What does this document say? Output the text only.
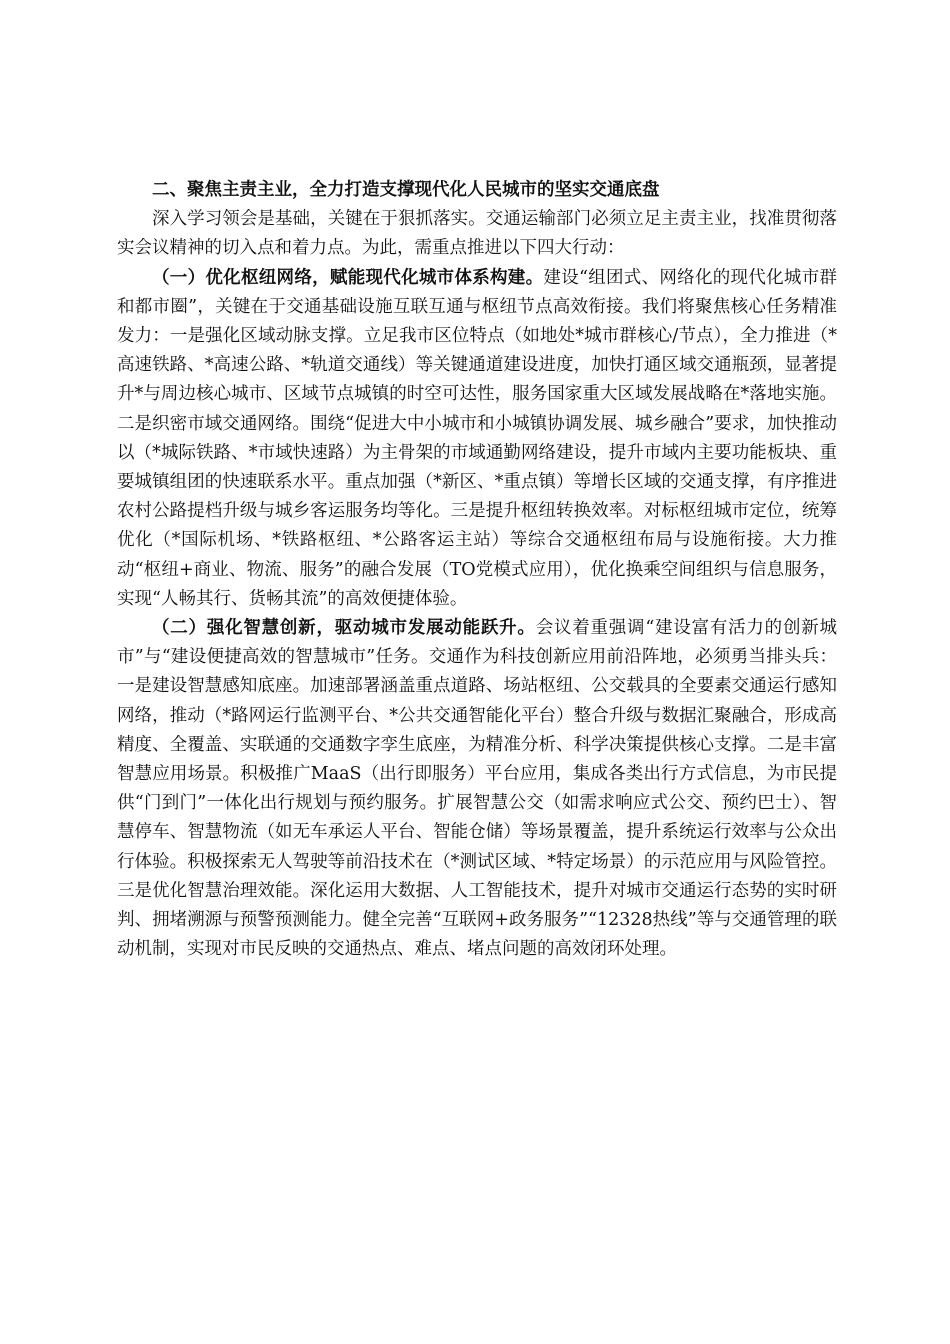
二、聚焦主责主业，全力打造支撑现代化人民城市的坚实交通底盘

深入学习领会是基础，关键在于狠抓落实。交通运输部门必须立足主责主业，找准贯彻落实会议精神的切入点和着力点。为此，需重点推进以下四大行动：

（一）优化枢纽网络，赋能现代化城市体系构建。建设“组团式、网络化的现代化城市群和都市圈”，关键在于交通基础设施互联互通与枢纽节点高效衔接。我们将聚焦核心任务精准发力：一是强化区域动脉支撑。立足我市区位特点（如地处*城市群核心/节点），全力推进（*高速铁路、*高速公路、*轨道交通线）等关键通道建设进度，加快打通区域交通瓶颈，显著提升*与周边核心城市、区域节点城镇的时空可达性，服务国家重大区域发展战略在*落地实施。二是织密市域交通网络。围绕“促进大中小城市和小城镇协调发展、城乡融合”要求，加快推动以（*城际铁路、*市域快速路）为主骨架的市域通勤网络建设，提升市域内主要功能板块、重要城镇组团的快速联系水平。重点加强（*新区、*重点镇）等增长区域的交通支撑，有序推进农村公路提档升级与城乡客运服务均等化。三是提升枢纽转换效率。对标枢纽城市定位，统筹优化（*国际机场、*铁路枢纽、*公路客运主站）等综合交通枢纽布局与设施衔接。大力推动“枢纽+商业、物流、服务”的融合发展（TO党模式应用），优化换乘空间组织与信息服务，实现“人畅其行、货畅其流”的高效便捷体验。

（二）强化智慧创新，驱动城市发展动能跃升。会议着重强调“建设富有活力的创新城市”与“建设便捷高效的智慧城市”任务。交通作为科技创新应用前沿阵地，必须勇当排头兵：一是建设智慧感知底座。加速部署涵盖重点道路、场站枢纽、公交载具的全要素交通运行感知网络，推动（*路网运行监测平台、*公共交通智能化平台）整合升级与数据汇聚融合，形成高精度、全覆盖、实联通的交通数字孪生底座，为精准分析、科学决策提供核心支撑。二是丰富智慧应用场景。积极推广MaaS（出行即服务）平台应用，集成各类出行方式信息，为市民提供“门到门”一体化出行规划与预约服务。扩展智慧公交（如需求响应式公交、预约巴士）、智慧停车、智慧物流（如无车承运人平台、智能仓储）等场景覆盖，提升系统运行效率与公众出行体验。积极探索无人驾驶等前沿技术在（*测试区域、*特定场景）的示范应用与风险管控。三是优化智慧治理效能。深化运用大数据、人工智能技术，提升对城市交通运行态势的实时研判、拥堵溯源与预警预测能力。健全完善“互联网+政务服务”“12328热线”等与交通管理的联动机制，实现对市民反映的交通热点、难点、堵点问题的高效闭环处理。
